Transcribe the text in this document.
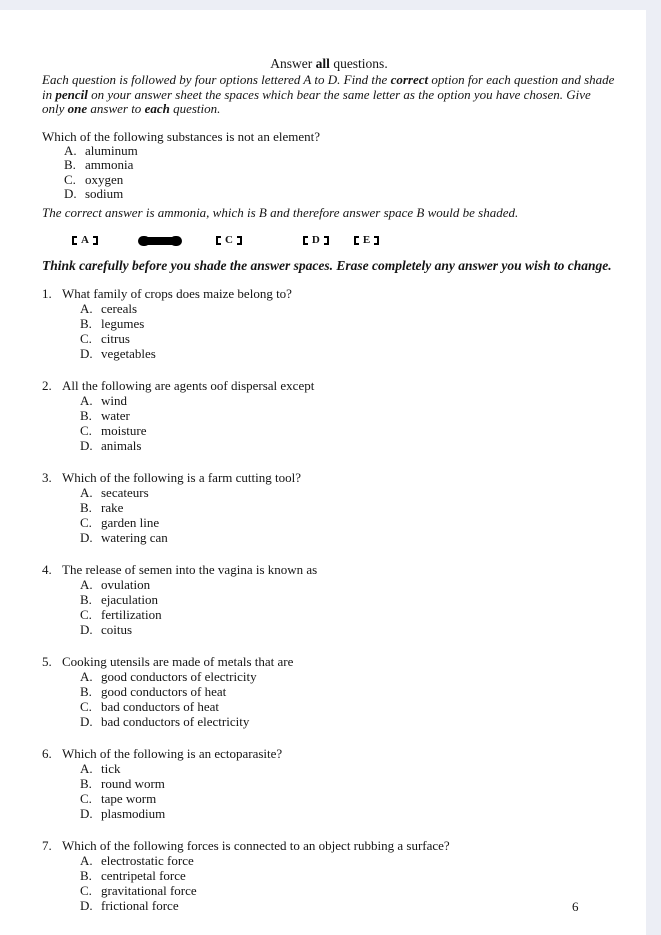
Answer all questions.

Each question is followed by four options lettered A to D. Find the correct option for each question and shade in pencil on your answer sheet the spaces which bear the same letter as the option you have chosen. Give only one answer to each question.

Which of the following substances is not an element?
A. aluminum
B. ammonia
C. oxygen
D. sodium

The correct answer is ammonia, which is B and therefore answer space B would be shaded.

A	C	D	E

Think carefully before you shade the answer spaces. Erase completely any answer you wish to change.

1. What family of crops does maize belong to?
A. cereals
B. legumes
C. citrus
D. vegetables
2. All the following are agents oof dispersal except
A. wind
B. water
C. moisture
D. animals
3. Which of the following is a farm cutting tool?
A. secateurs
B. rake
C. garden line
D. watering can
4. The release of semen into the vagina is known as
A. ovulation
B. ejaculation
C. fertilization
D. coitus
5. Cooking utensils are made of metals that are
A. good conductors of electricity
B. good conductors of heat
C. bad conductors of heat
D. bad conductors of electricity
6. Which of the following is an ectoparasite?
A. tick
B. round worm
C. tape worm
D. plasmodium
7. Which of the following forces is connected to an object rubbing a surface?
A. electrostatic force
B. centripetal force
C. gravitational force
D. frictional force	6
